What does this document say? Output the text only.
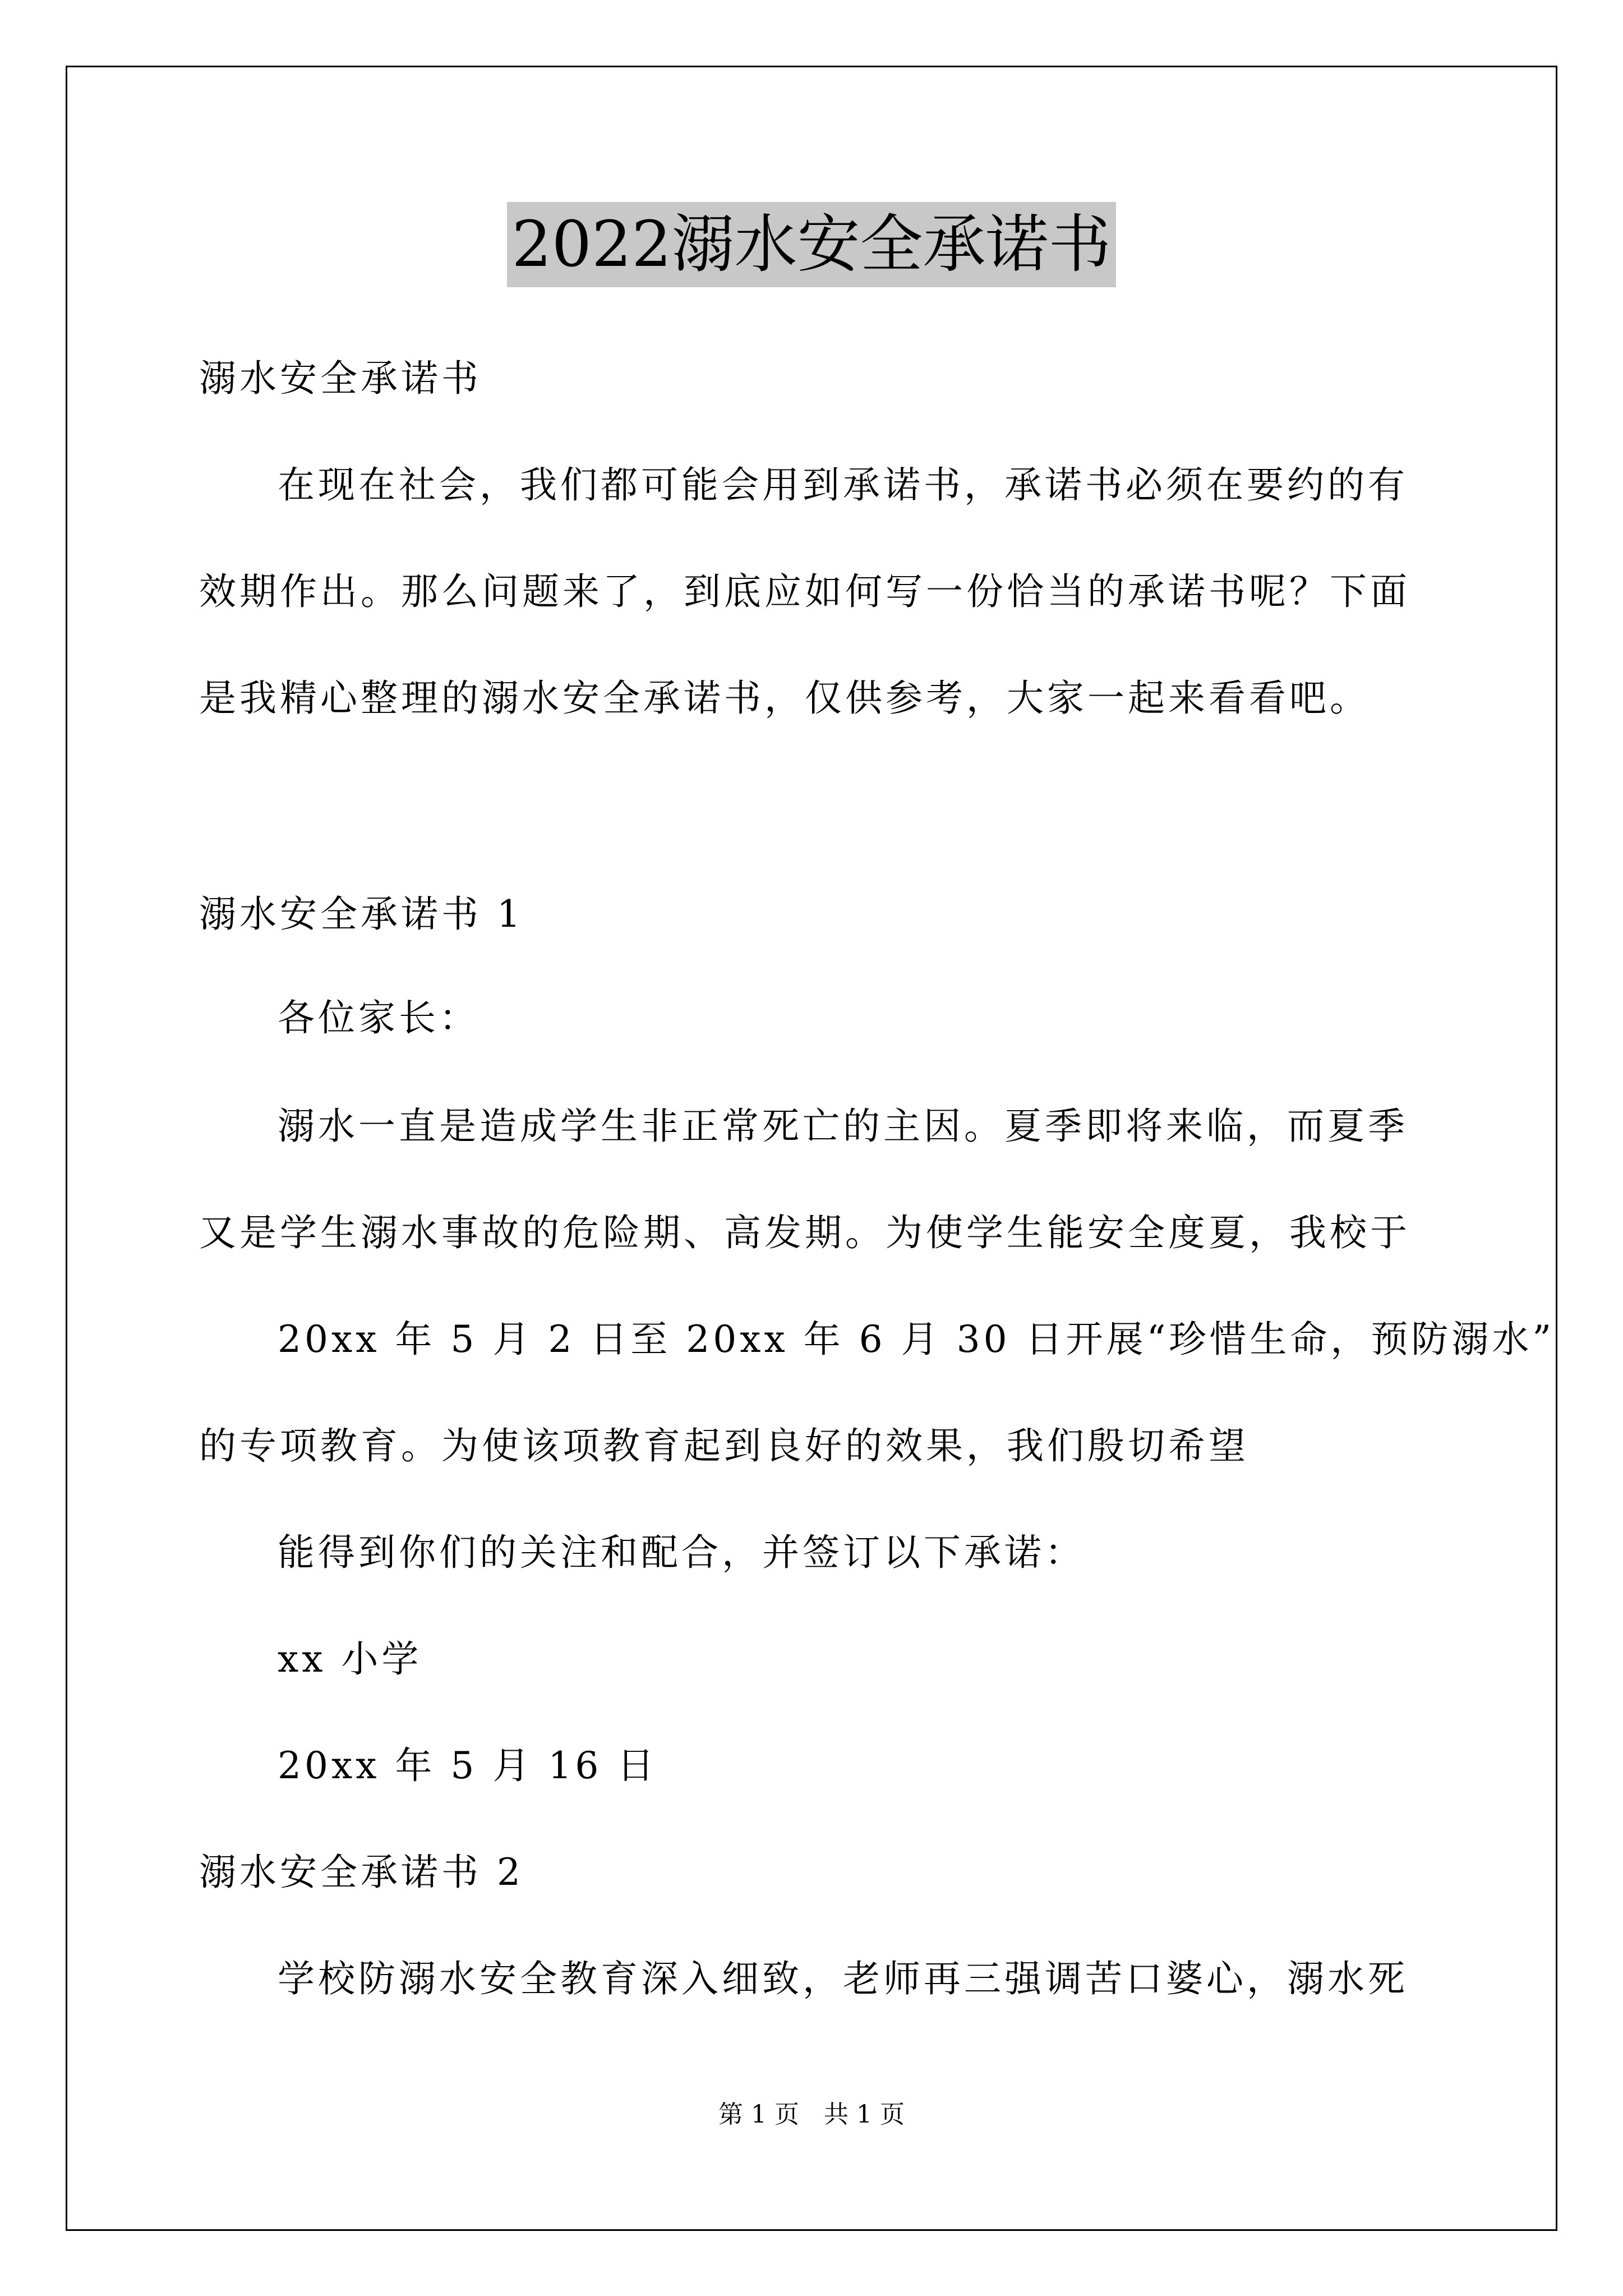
2022溺水安全承诺书
溺水安全承诺书
在现在社会，我们都可能会用到承诺书，承诺书必须在要约的有
效期作出。那么问题来了，到底应如何写一份恰当的承诺书呢？下面
是我精心整理的溺水安全承诺书，仅供参考，大家一起来看看吧。
溺水安全承诺书 1
各位家长：
溺水一直是造成学生非正常死亡的主因。夏季即将来临，而夏季
又是学生溺水事故的危险期、高发期。为使学生能安全度夏，我校于
20xx 年 5 月 2 日至 20xx 年 6 月 30 日开展“珍惜生命，预防溺水”
的专项教育。为使该项教育起到良好的效果，我们殷切希望
能得到你们的关注和配合，并签订以下承诺：
xx 小学
20xx 年 5 月 16 日
溺水安全承诺书 2
学校防溺水安全教育深入细致，老师再三强调苦口婆心，溺水死
第 1 页　共 1 页
